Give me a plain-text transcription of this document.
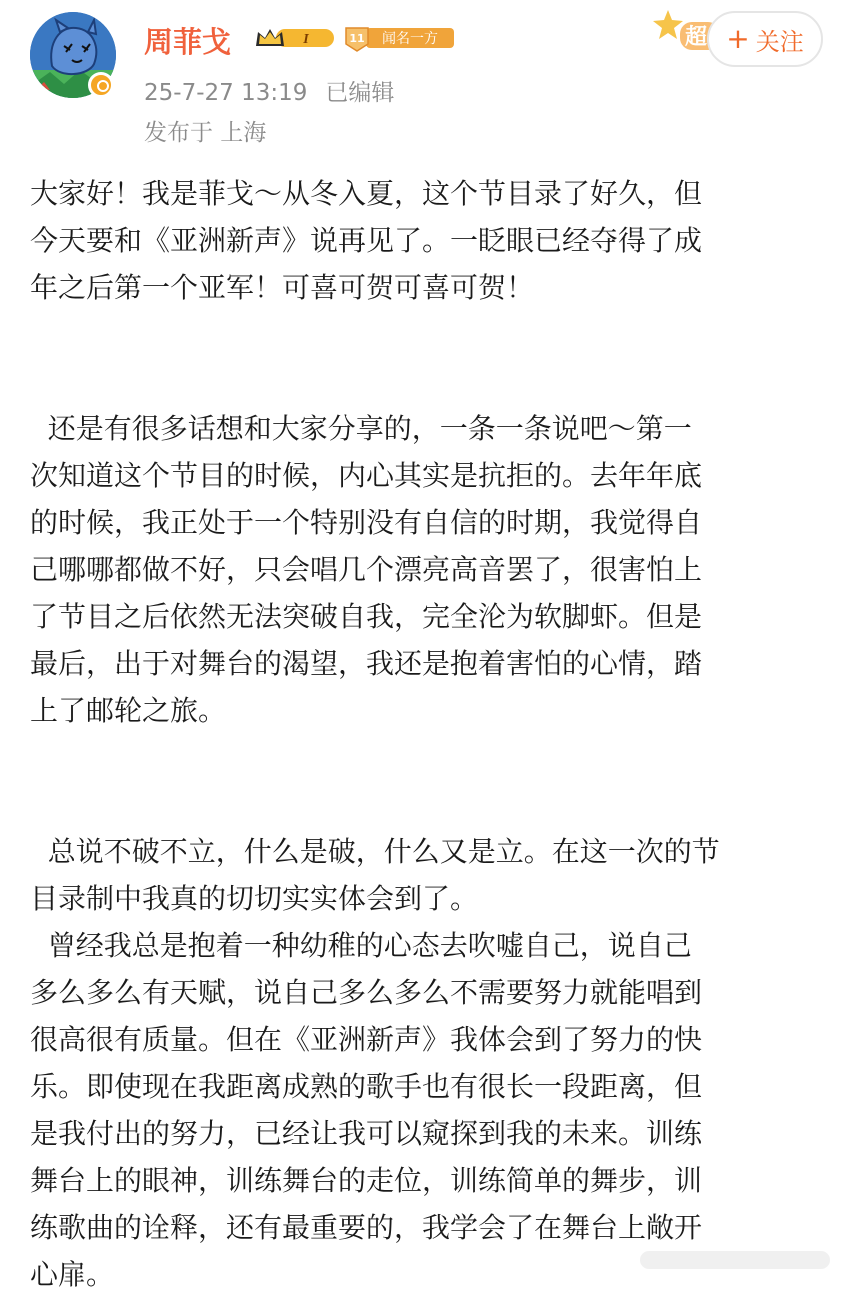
周菲戈	I	11 闻名一方
25-7-27 13:19 已编辑
发布于 上海
超 + 关注
大家好！我是菲戈～从冬入夏，这个节目录了好久，但
今天要和《亚洲新声》说再见了。一眨眼已经夺得了成
年之后第一个亚军！可喜可贺可喜可贺！
还是有很多话想和大家分享的，一条一条说吧～第一
次知道这个节目的时候，内心其实是抗拒的。去年年底
的时候，我正处于一个特别没有自信的时期，我觉得自
己哪哪都做不好，只会唱几个漂亮高音罢了，很害怕上
了节目之后依然无法突破自我，完全沦为软脚虾。但是
最后，出于对舞台的渴望，我还是抱着害怕的心情，踏
上了邮轮之旅。
总说不破不立，什么是破，什么又是立。在这一次的节
目录制中我真的切切实实体会到了。
曾经我总是抱着一种幼稚的心态去吹嘘自己，说自己
多么多么有天赋，说自己多么多么不需要努力就能唱到
很高很有质量。但在《亚洲新声》我体会到了努力的快
乐。即使现在我距离成熟的歌手也有很长一段距离，但
是我付出的努力，已经让我可以窥探到我的未来。训练
舞台上的眼神，训练舞台的走位，训练简单的舞步，训
练歌曲的诠释，还有最重要的，我学会了在舞台上敞开
心扉。
